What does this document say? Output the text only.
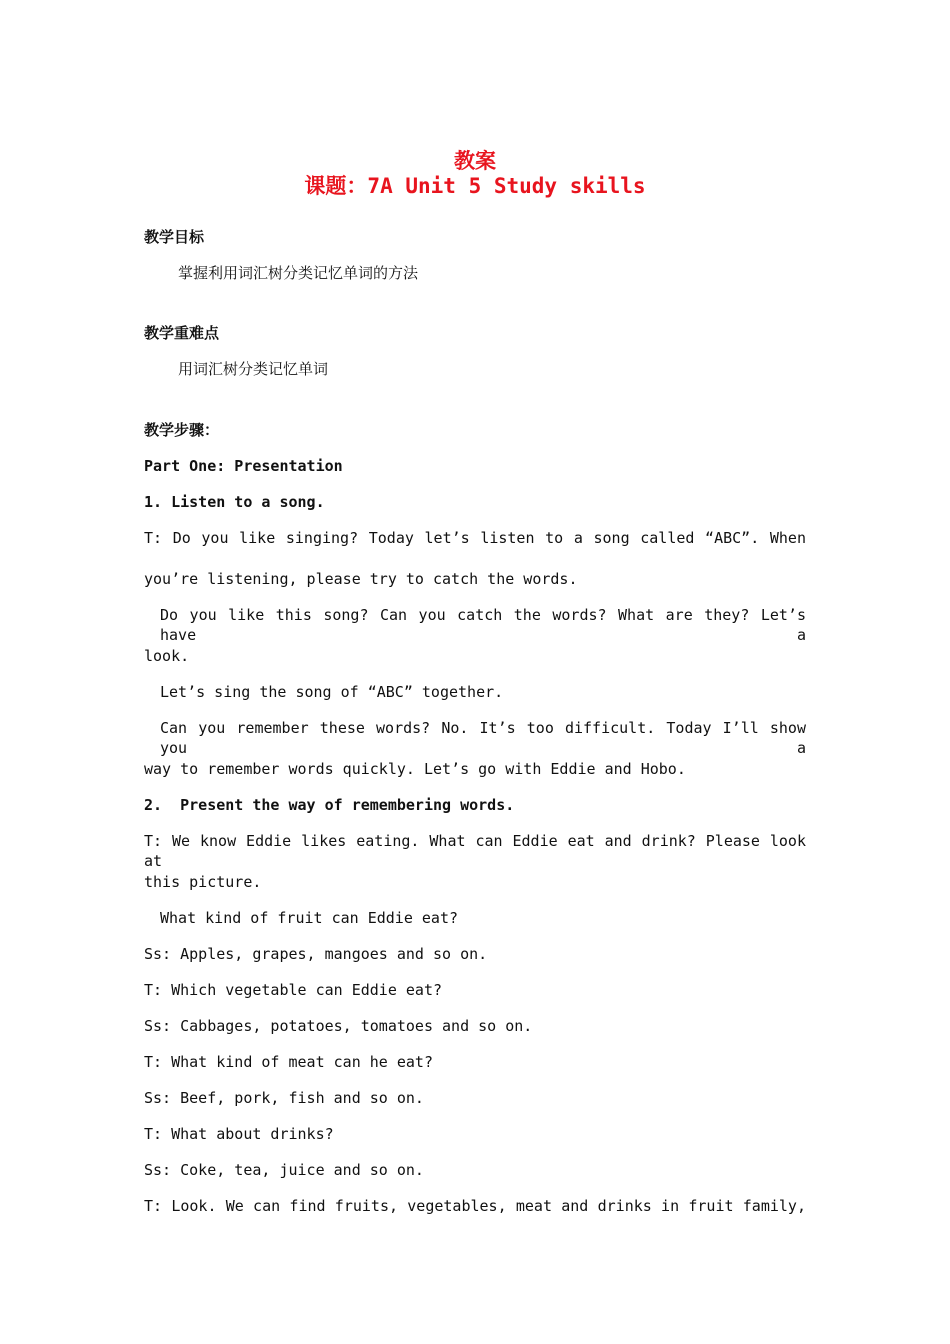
教案
课题：7A Unit 5 Study skills
教学目标
掌握利用词汇树分类记忆单词的方法
教学重难点
用词汇树分类记忆单词
教学步骤：
Part One: Presentation
1. Listen to a song.
T: Do you like singing? Today let’s listen to a song called “ABC”. When
you’re listening, please try to catch the words.
Do you like this song? Can you catch the words? What are they? Let’s have a
look.
Let’s sing the song of “ABC” together.
Can you remember these words? No. It’s too difficult. Today I’ll show you a
way to remember words quickly. Let’s go with Eddie and Hobo.
2.  Present the way of remembering words.
T: We know Eddie likes eating. What can Eddie eat and drink? Please look at
this picture.
What kind of fruit can Eddie eat?
Ss: Apples, grapes, mangoes and so on.
T: Which vegetable can Eddie eat?
Ss: Cabbages, potatoes, tomatoes and so on.
T: What kind of meat can he eat?
Ss: Beef, pork, fish and so on.
T: What about drinks?
Ss: Coke, tea, juice and so on.
T: Look. We can find fruits, vegetables, meat and drinks in fruit family,
